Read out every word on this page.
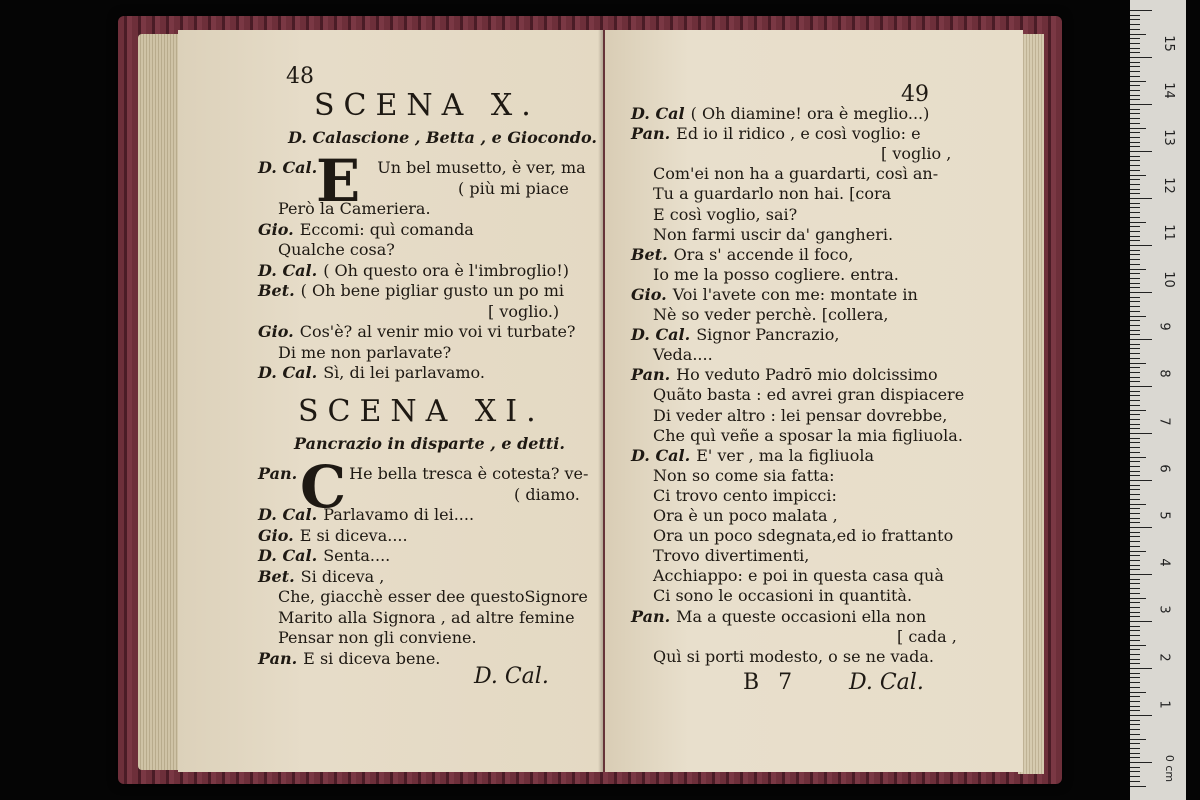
48
SCENA X.
D. Calascione , Betta , e Giocondo.
E
D. Cal.	Un bel musetto, è ver, ma
( più mi piace
Però la Cameriera.
Gio. Eccomi: quì comanda
Qualche cosa?
D. Cal. ( Oh questo ora è l'imbroglio!)
Bet. ( Oh bene pigliar gusto un po mi
[ voglio.)
Gio. Cos'è? al venir mio voi vi turbate?
Di me non parlavate?
D. Cal. Sì, di lei parlavamo.
SCENA XI.
Pancrazio in disparte , e detti.
C
Pan.	He bella tresca è cotesta? ve-
( diamo.
D. Cal. Parlavamo di lei....
Gio. E si diceva....
D. Cal. Senta....
Bet. Si diceva ,
Che, giacchè esser dee questoSignore
Marito alla Signora , ad altre femine
Pensar non gli conviene.
Pan. E si diceva bene.
D. Cal.
49
D. Cal ( Oh diamine! ora è meglio...)
Pan. Ed io il ridico , e così voglio: e
[ voglio ,
Com'ei non ha a guardarti, così an-
Tu a guardarlo non hai. [cora
E così voglio, sai?
Non farmi uscir da' gangheri.
Bet. Ora s' accende il foco,
Io me la posso cogliere. entra.
Gio. Voi l'avete con me: montate in
Nè so veder perchè. [collera,
D. Cal. Signor Pancrazio,
Veda....
Pan. Ho veduto Padrō mio dolcissimo
Quãto basta : ed avrei gran dispiacere
Di veder altro : lei pensar dovrebbe,
Che quì veñe a sposar la mia figliuola.
D. Cal. E' ver , ma la figliuola
Non so come sia fatta:
Ci trovo cento impicci:
Ora è un poco malata ,
Ora un poco sdegnata,ed io frattanto
Trovo divertimenti,
Acchiappo: e poi in questa casa quà
Ci sono le occasioni in quantità.
Pan. Ma a queste occasioni ella non
[ cada ,
Quì si porti modesto, o se ne vada.
B 7 D. Cal.
15
14
13
12
11
10
9
8
7
6
5
4
3
2
1
0 cm
